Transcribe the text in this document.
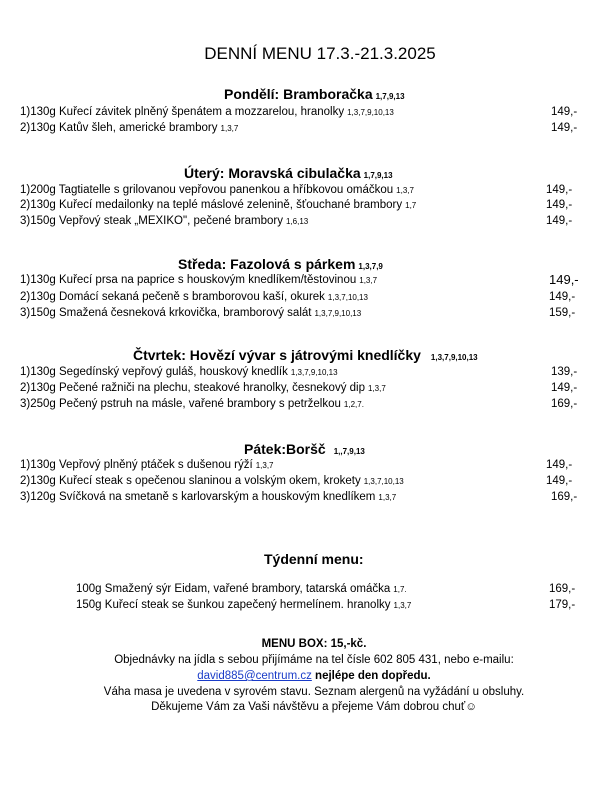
DENNÍ MENU 17.3.-21.3.2025
Pondělí: Bramboračka 1,7,9,13
1)130g Kuřecí závitek plněný špenátem a mozzarelou, hranolky 1,3,7,9,10,13	149,-
2)130g Katův šleh, americké brambory 1,3,7	149,-
Úterý: Moravská cibulačka 1,7,9,13
1)200g Tagtiatelle s grilovanou vepřovou panenkou a hříbkovou omáčkou 1,3,7	149,-
2)130g Kuřecí medailonky na teplé máslové zelenině, šťouchané brambory 1,7	149,-
3)150g Vepřový steak „MEXIKO", pečené brambory 1,6,13	149,-
Středa: Fazolová s párkem 1,3,7,9
1)130g Kuřecí prsa na paprice s houskovým knedlíkem/těstovinou 1,3,7	149,-
2)130g Domácí sekaná pečeně s bramborovou kaší, okurek 1,3,7,10,13	149,-
3)150g Smažená česneková krkovička, bramborový salát 1,3,7,9,10,13	159,-
Čtvrtek: Hovězí vývar s játrovými knedlíčky 1,3,7,9,10,13
1)130g Segedínský vepřový guláš, houskový knedlík 1,3,7,9,10,13	139,-
2)130g Pečené ražniči na plechu, steakové hranolky, česnekový dip 1,3,7	149,-
3)250g Pečený pstruh na másle, vařené brambory s petrželkou 1,2,7.	169,-
Pátek:Boršč 1,,7,9,13
1)130g Vepřový plněný ptáček s dušenou rýží 1,3,7	149,-
2)130g Kuřecí steak s opečenou slaninou a volským okem, krokety 1,3,7,10,13	149,-
3)120g Svíčková na smetaně s karlovarským a houskovým knedlíkem 1,3,7	169,-
Týdenní menu:
100g Smažený sýr Eidam, vařené brambory, tatarská omáčka 1,7.	169,-
150g Kuřecí steak se šunkou zapečený hermelínem. hranolky 1,3,7	179,-
MENU BOX: 15,-kč.
Objednávky na jídla s sebou přijímáme na tel čísle 602 805 431, nebo e-mailu:
david885@centrum.cz nejlépe den dopředu.
Váha masa je uvedena v syrovém stavu. Seznam alergenů na vyžádání u obsluhy.
Děkujeme Vám za Vaši návštěvu a přejeme Vám dobrou chuť☺
